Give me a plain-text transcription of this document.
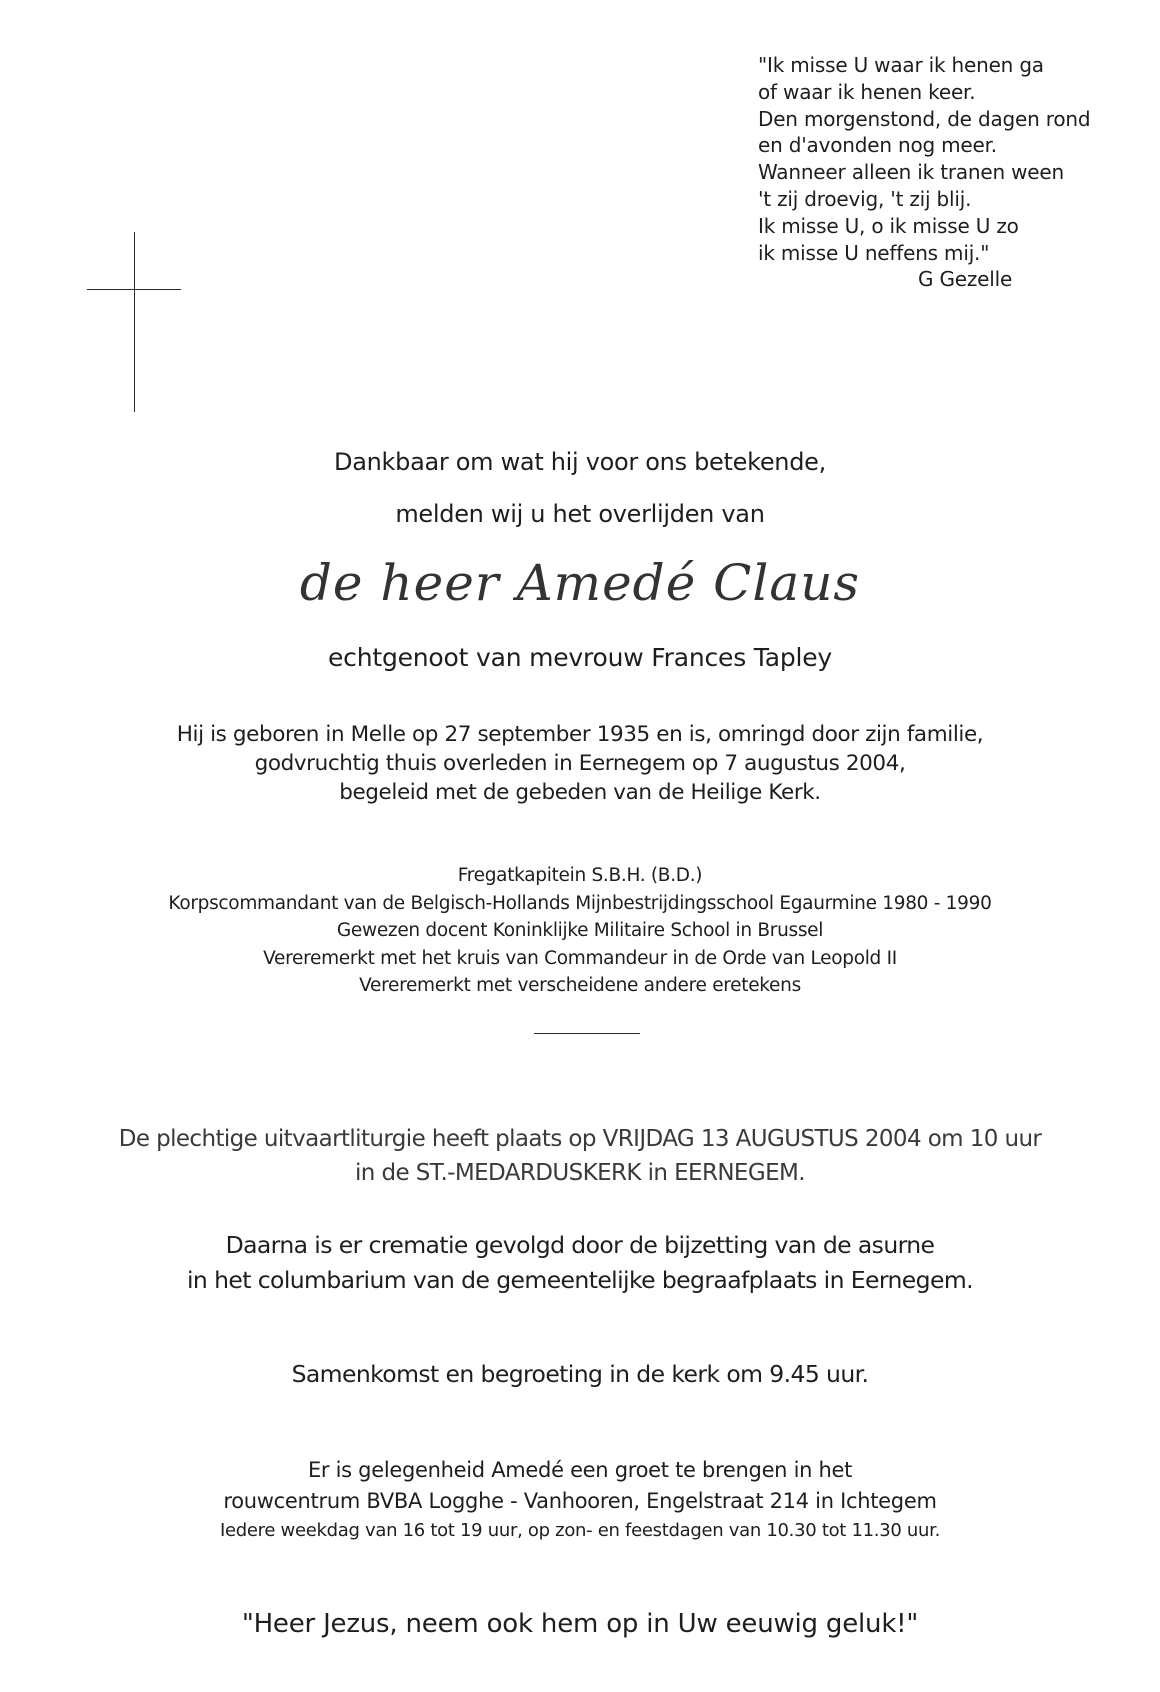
"Ik misse U waar ik henen ga
of waar ik henen keer.
Den morgenstond, de dagen rond
en d'avonden nog meer.
Wanneer alleen ik tranen ween
't zij droevig, 't zij blij.
Ik misse U, o ik misse U zo
ik misse U neffens mij."
G Gezelle
Dankbaar om wat hij voor ons betekende,
melden wij u het overlijden van
de heer Amedé Claus
echtgenoot van mevrouw Frances Tapley
Hij is geboren in Melle op 27 september 1935 en is, omringd door zijn familie,
godvruchtig thuis overleden in Eernegem op 7 augustus 2004,
begeleid met de gebeden van de Heilige Kerk.
Fregatkapitein S.B.H. (B.D.)
Korpscommandant van de Belgisch-Hollands Mijnbestrijdingsschool Egaurmine 1980 - 1990
Gewezen docent Koninklijke Militaire School in Brussel
Vereremerkt met het kruis van Commandeur in de Orde van Leopold II
Vereremerkt met verscheidene andere eretekens
De plechtige uitvaartliturgie heeft plaats op VRIJDAG 13 AUGUSTUS 2004 om 10 uur
in de ST.-MEDARDUSKERK in EERNEGEM.
Daarna is er crematie gevolgd door de bijzetting van de asurne
in het columbarium van de gemeentelijke begraafplaats in Eernegem.
Samenkomst en begroeting in de kerk om 9.45 uur.
Er is gelegenheid Amedé een groet te brengen in het
rouwcentrum BVBA Logghe - Vanhooren, Engelstraat 214 in Ichtegem
Iedere weekdag van 16 tot 19 uur, op zon- en feestdagen van 10.30 tot 11.30 uur.
"Heer Jezus, neem ook hem op in Uw eeuwig geluk!"
